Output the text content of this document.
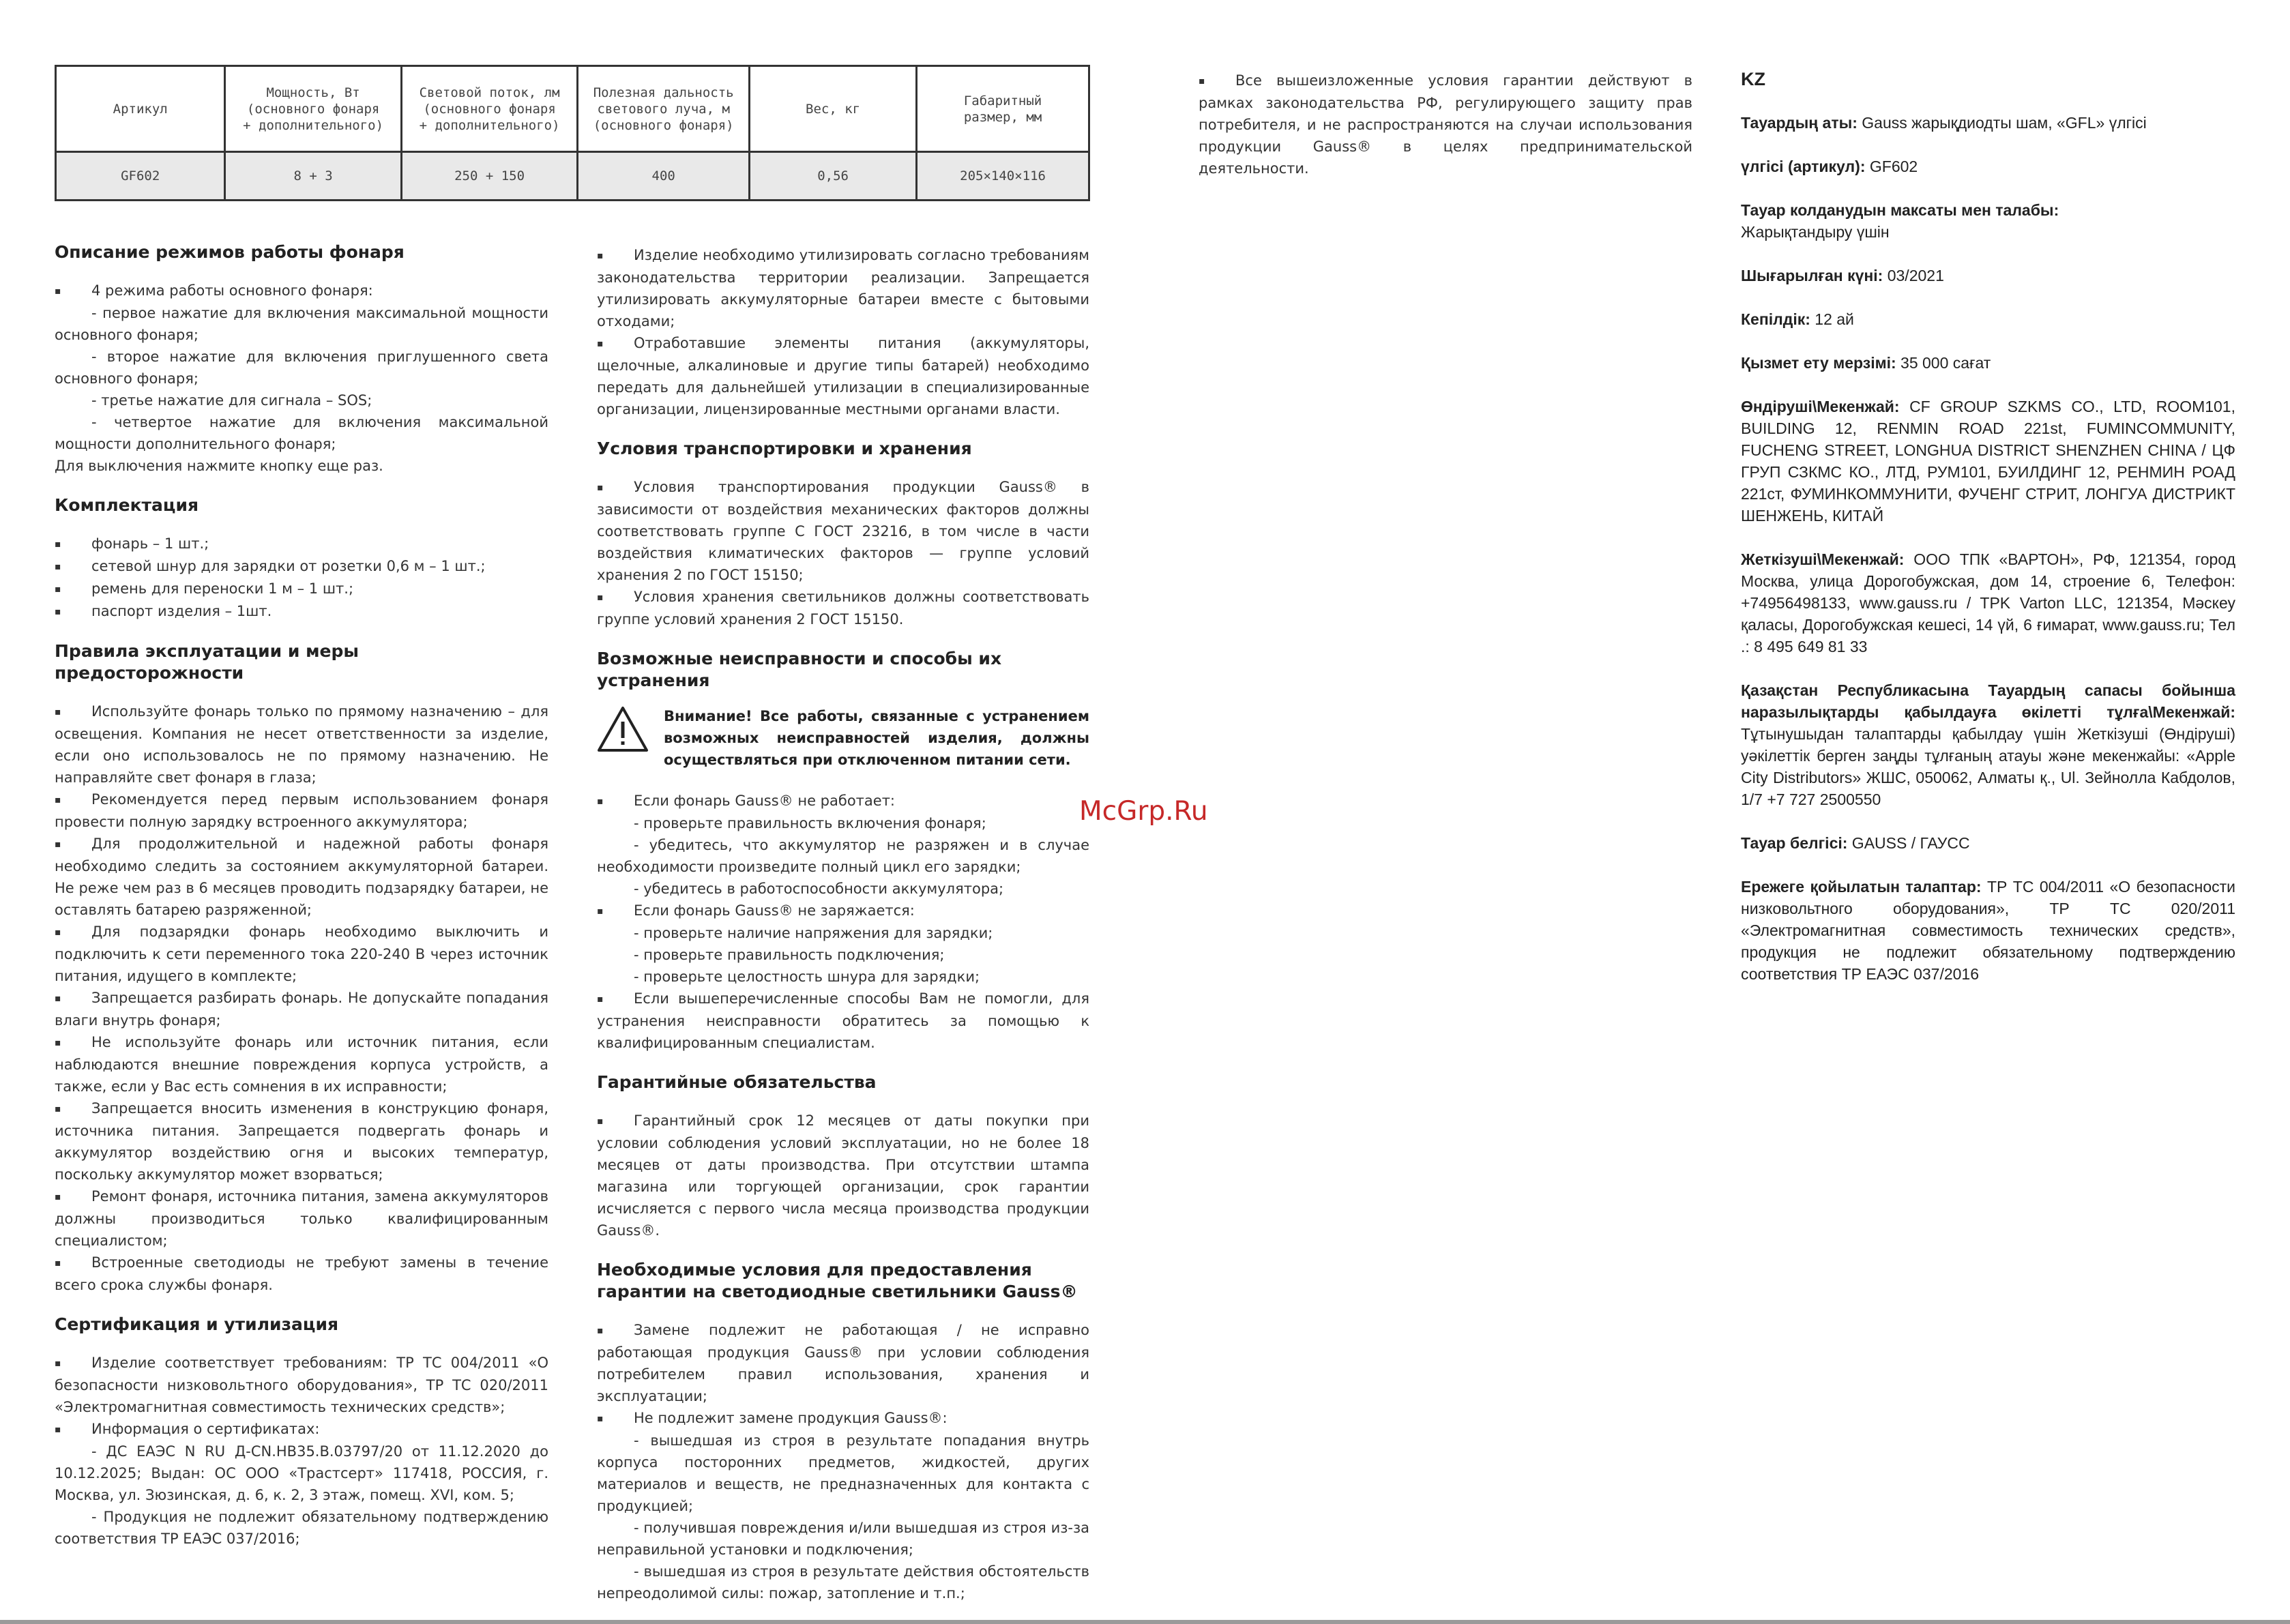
Артикул	Мощность, Вт
(основного фонаря
+ дополнительного)	Световой поток, лм
(основного фонаря
+ дополнительного)	Полезная дальность
светового луча, м
(основного фонаря)	Вес, кг	Габаритный
размер, мм
GF602	8 + 3	250 + 150	400	0,56	205×140×116
Описание режимов работы фонаря

▪ 4 режима работы основного фонаря:

- первое нажатие для включения максимальной мощности основного фонаря;

- второе нажатие для включения приглушенного света основного фонаря;

- третье нажатие для сигнала – SOS;

- четвертое нажатие для включения максимальной мощности дополнительного фонаря;

Для выключения нажмите кнопку еще раз.

Комплектация

▪ фонарь – 1 шт.;

▪ сетевой шнур для зарядки от розетки 0,6 м – 1 шт.;

▪ ремень для переноски 1 м – 1 шт.;

▪ паспорт изделия – 1шт.

Правила эксплуатации и меры предосторожности

▪ Используйте фонарь только по прямому назначению – для освещения. Компания не несет ответственности за изделие, если оно использовалось не по прямому назначению. Не направляйте свет фонаря в глаза;

▪ Рекомендуется перед первым использованием фонаря провести полную зарядку встроенного аккумулятора;

▪ Для продолжительной и надежной работы фонаря необходимо следить за состоянием аккумуляторной батареи. Не реже чем раз в 6 месяцев проводить подзарядку батареи, не оставлять батарею разряженной;

▪ Для подзарядки фонарь необходимо выключить и подключить к сети переменного тока 220-240 В через источник питания, идущего в комплекте;

▪ Запрещается разбирать фонарь. Не допускайте попадания влаги внутрь фонаря;

▪ Не используйте фонарь или источник питания, если наблюдаются внешние повреждения корпуса устройств, а также, если у Вас есть сомнения в их исправности;

▪ Запрещается вносить изменения в конструкцию фонаря, источника питания. Запрещается подвергать фонарь и аккумулятор воздействию огня и высоких температур, поскольку аккумулятор может взорваться;

▪ Ремонт фонаря, источника питания, замена аккумуляторов должны производиться только квалифицированным специалистом;

▪ Встроенные светодиоды не требуют замены в течение всего срока службы фонаря.

Сертификация и утилизация

▪ Изделие соответствует требованиям: ТР ТС 004/2011 «О безопасности низковольтного оборудования», ТР ТС 020/2011 «Электромагнитная совместимость технических средств»;

▪ Информация о сертификатах:

- ДС ЕАЭС N RU Д-CN.НВ35.В.03797/20 от 11.12.2020 до 10.12.2025; Выдан: ОС ООО «Трастсерт» 117418, РОССИЯ, г. Москва, ул. Зюзинская, д. 6, к. 2, 3 этаж, помещ. XVI, ком. 5;

- Продукция не подлежит обязательному подтверждению соответствия ТР ЕАЭС 037/2016;

▪ Изделие необходимо утилизировать согласно требованиям законодательства территории реализации. Запрещается утилизировать аккумуляторные батареи вместе с бытовыми отходами;

▪ Отработавшие элементы питания (аккумуляторы, щелочные, алкалиновые и другие типы батарей) необходимо передать для дальнейшей утилизации в специализированные организации, лицензированные местными органами власти.

Условия транспортировки и хранения

▪ Условия транспортирования продукции Gauss® в зависимости от воздействия механических факторов должны соответствовать группе С ГОСТ 23216, в том числе в части воздействия климатических факторов — группе условий хранения 2 по ГОСТ 15150;

▪ Условия хранения светильников должны соответствовать группе условий хранения 2 ГОСТ 15150.

Возможные неисправности и способы их устранения
Внимание! Все работы, связанные с устранением возможных неисправностей изделия, должны осуществляться при отключенном питании сети.

▪ Если фонарь Gauss® не работает:

- проверьте правильность включения фонаря;

- убедитесь, что аккумулятор не разряжен и в случае необходимости произведите полный цикл его зарядки;

- убедитесь в работоспособности аккумулятора;

▪ Если фонарь Gauss® не заряжается:

- проверьте наличие напряжения для зарядки;

- проверьте правильность подключения;

- проверьте целостность шнура для зарядки;

▪ Если вышеперечисленные способы Вам не помогли, для устранения неисправности обратитесь за помощью к квалифицированным специалистам.

Гарантийные обязательства

▪ Гарантийный срок 12 месяцев от даты покупки при условии соблюдения условий эксплуатации, но не более 18 месяцев от даты производства. При отсутствии штампа магазина или торгующей организации, срок гарантии исчисляется с первого числа месяца производства продукции Gauss®.

Необходимые условия для предоставления гарантии на светодиодные светильники Gauss®

▪ Замене подлежит не работающая / не исправно работающая продукция Gauss® при условии соблюдения потребителем правил использования, хранения и эксплуатации;

▪ Не подлежит замене продукция Gauss®:

- вышедшая из строя в результате попадания внутрь корпуса посторонних предметов, жидкостей, других материалов и веществ, не предназначенных для контакта с продукцией;

- получившая повреждения и/или вышедшая из строя из-за неправильной установки и подключения;

- вышедшая из строя в результате действия обстоятельств непреодолимой силы: пожар, затопление и т.п.;

▪ Все вышеизложенные условия гарантии действуют в рамках законодательства РФ, регулирующего защиту прав потребителя, и не распространяются на случаи использования продукции Gauss® в целях предпринимательской деятельности.

McGrp.Ru

KZ

Тауардың аты: Gauss жарықдиодты шам, «GFL» үлгісі

үлгісі (артикул): GF602

Тауар колданудын максаты мен талабы:
Жарықтандыру үшін

Шығарылған күні: 03/2021

Кепілдік: 12 ай

Қызмет ету мерзімі: 35 000 сағат

Өндіруші\Мекенжай: CF GROUP SZKMS CO., LTD, ROOM101, BUILDING 12, RENMIN ROAD 221st, FUMINCOMMUNITY, FUCHENG STREET, LONGHUA DISTRICT SHENZHEN CHINA / ЦФ ГРУП СЗКМС КО., ЛТД, РУМ101, БУИЛДИНГ 12, РЕНМИН РОАД 221ст, ФУМИНКОММУНИТИ, ФУЧЕНГ СТРИТ, ЛОНГУА ДИСТРИКТ ШЕНЖЕНЬ, КИТАЙ

Жеткізуші\Мекенжай: ООО ТПК «ВАРТОН», РФ, 121354, город Москва, улица Дорогобужская, дом 14, строение 6, Телефон: +74956498133, www.gauss.ru / TPK Varton LLC, 121354, Мәскеу қаласы, Дорогобужская кешесі, 14 үй, 6 ғимарат, www.gauss.ru; Тел .: 8 495 649 81 33

Қазақстан Республикасына Тауардың сапасы бойынша наразылықтарды қабылдауға өкілетті тұлға\Мекенжай: Тұтынушыдан талаптарды қабылдау үшін Жеткізуші (Өндіруші) уәкілеттік берген заңды тұлғаның атауы және мекенжайы: «Apple City Distributors» ЖШС, 050062, Алматы қ., Ul. Зейнолла Кабдолов, 1/7 +7 727 2500550

Тауар белгісі: GAUSS / ГАУСС

Ережеге қойылатын талаптар: ТР ТС 004/2011 «О безопасности низковольтного оборудования», ТР ТС 020/2011 «Электромагнитная совместимость технических средств», продукция не подлежит обязательному подтверждению соответствия ТР ЕАЭС 037/2016
